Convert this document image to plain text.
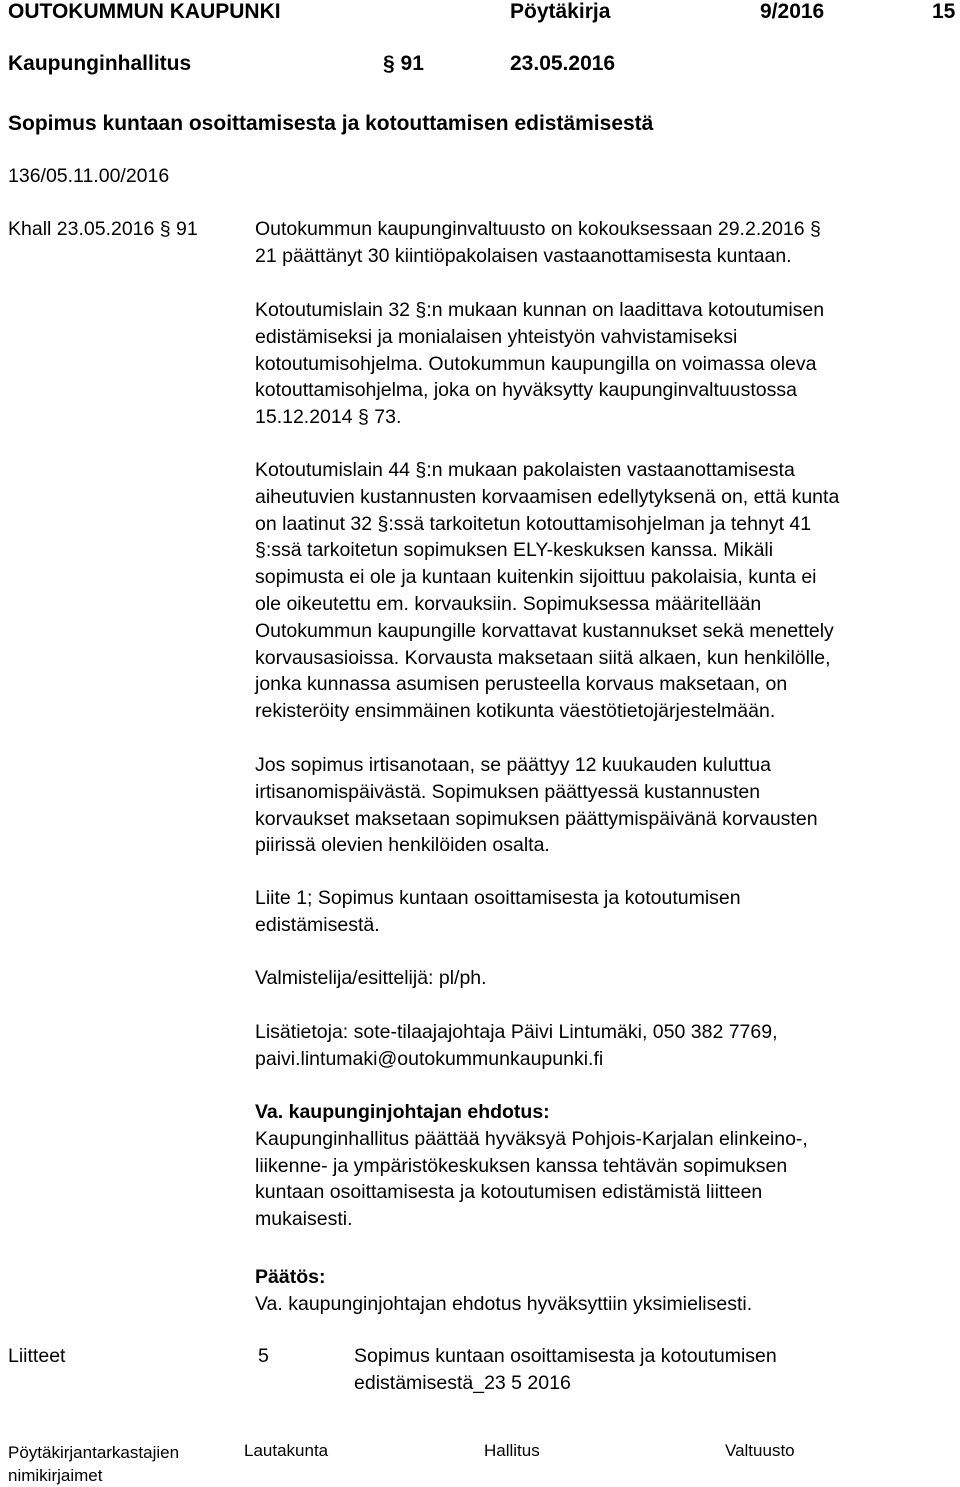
OUTOKUMMUN KAUPUNKI	Pöytäkirja	9/2016	15
Kaupunginhallitus	§ 91	23.05.2016
Sopimus kuntaan osoittamisesta ja kotouttamisen edistämisestä
136/05.11.00/2016
Khall 23.05.2016 § 91	Outokummun kaupunginvaltuusto on kokouksessaan 29.2.2016 §
21 päättänyt 30 kiintiöpakolaisen vastaanottamisesta kuntaan.
Kotoutumislain 32 §:n mukaan kunnan on laadittava kotoutumisen
edistämiseksi ja monialaisen yhteistyön vahvistamiseksi
kotoutumisohjelma. Outokummun kaupungilla on voimassa oleva
kotouttamisohjelma, joka on hyväksytty kaupunginvaltuustossa
15.12.2014 § 73.
Kotoutumislain 44 §:n mukaan pakolaisten vastaanottamisesta
aiheutuvien kustannusten korvaamisen edellytyksenä on, että kunta
on laatinut 32 §:ssä tarkoitetun kotouttamisohjelman ja tehnyt 41
§:ssä tarkoitetun sopimuksen ELY-keskuksen kanssa. Mikäli
sopimusta ei ole ja kuntaan kuitenkin sijoittuu pakolaisia, kunta ei
ole oikeutettu em. korvauksiin. Sopimuksessa määritellään
Outokummun kaupungille korvattavat kustannukset sekä menettely
korvausasioissa. Korvausta maksetaan siitä alkaen, kun henkilölle,
jonka kunnassa asumisen perusteella korvaus maksetaan, on
rekisteröity ensimmäinen kotikunta väestötietojärjestelmään.
Jos sopimus irtisanotaan, se päättyy 12 kuukauden kuluttua
irtisanomispäivästä. Sopimuksen päättyessä kustannusten
korvaukset maksetaan sopimuksen päättymispäivänä korvausten
piirissä olevien henkilöiden osalta.
Liite 1; Sopimus kuntaan osoittamisesta ja kotoutumisen
edistämisestä.
Valmistelija/esittelijä: pl/ph.
Lisätietoja: sote-tilaajajohtaja Päivi Lintumäki, 050 382 7769,
paivi.lintumaki@outokummunkaupunki.fi
Va. kaupunginjohtajan ehdotus:
Kaupunginhallitus päättää hyväksyä Pohjois-Karjalan elinkeino-,
liikenne- ja ympäristökeskuksen kanssa tehtävän sopimuksen
kuntaan osoittamisesta ja kotoutumisen edistämistä liitteen
mukaisesti.
Päätös:
Va. kaupunginjohtajan ehdotus hyväksyttiin yksimielisesti.
Liitteet	5	Sopimus kuntaan osoittamisesta ja kotoutumisen
edistämisestä_23 5 2016
Pöytäkirjantarkastajien
nimikirjaimet
Lautakunta	Hallitus	Valtuusto
